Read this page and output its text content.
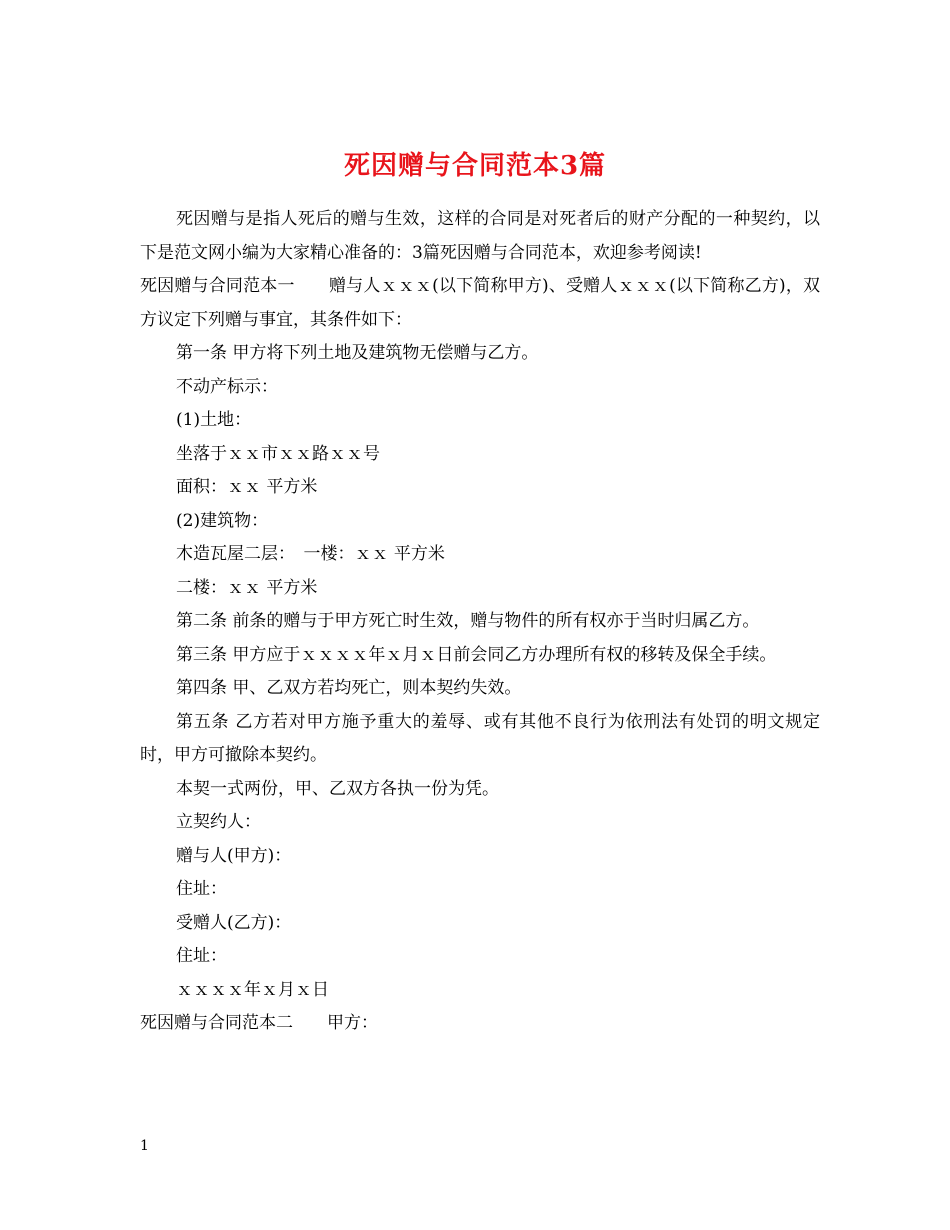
死因赠与合同范本3篇

死因赠与是指人死后的赠与生效，这样的合同是对死者后的财产分配的一种契约，以下是范文网小编为大家精心准备的：3篇死因赠与合同范本，欢迎参考阅读!

死因赠与合同范本一　　赠与人ｘｘｘ(以下简称甲方)、受赠人ｘｘｘ(以下简称乙方)，双方议定下列赠与事宜，其条件如下：

第一条 甲方将下列土地及建筑物无偿赠与乙方。

不动产标示：

(1)土地：

坐落于ｘｘ市ｘｘ路ｘｘ号

面积：ｘｘ 平方米

(2)建筑物：

木造瓦屋二层：　一楼：ｘｘ 平方米

二楼：ｘｘ 平方米

第二条 前条的赠与于甲方死亡时生效，赠与物件的所有权亦于当时归属乙方。

第三条 甲方应于ｘｘｘｘ年ｘ月ｘ日前会同乙方办理所有权的移转及保全手续。

第四条 甲、乙双方若均死亡，则本契约失效。

第五条 乙方若对甲方施予重大的羞辱、或有其他不良行为依刑法有处罚的明文规定时，甲方可撤除本契约。

本契一式两份，甲、乙双方各执一份为凭。

立契约人：

赠与人(甲方)：

住址：

受赠人(乙方)：

住址：

ｘｘｘｘ年ｘ月ｘ日

死因赠与合同范本二　　甲方：

1
